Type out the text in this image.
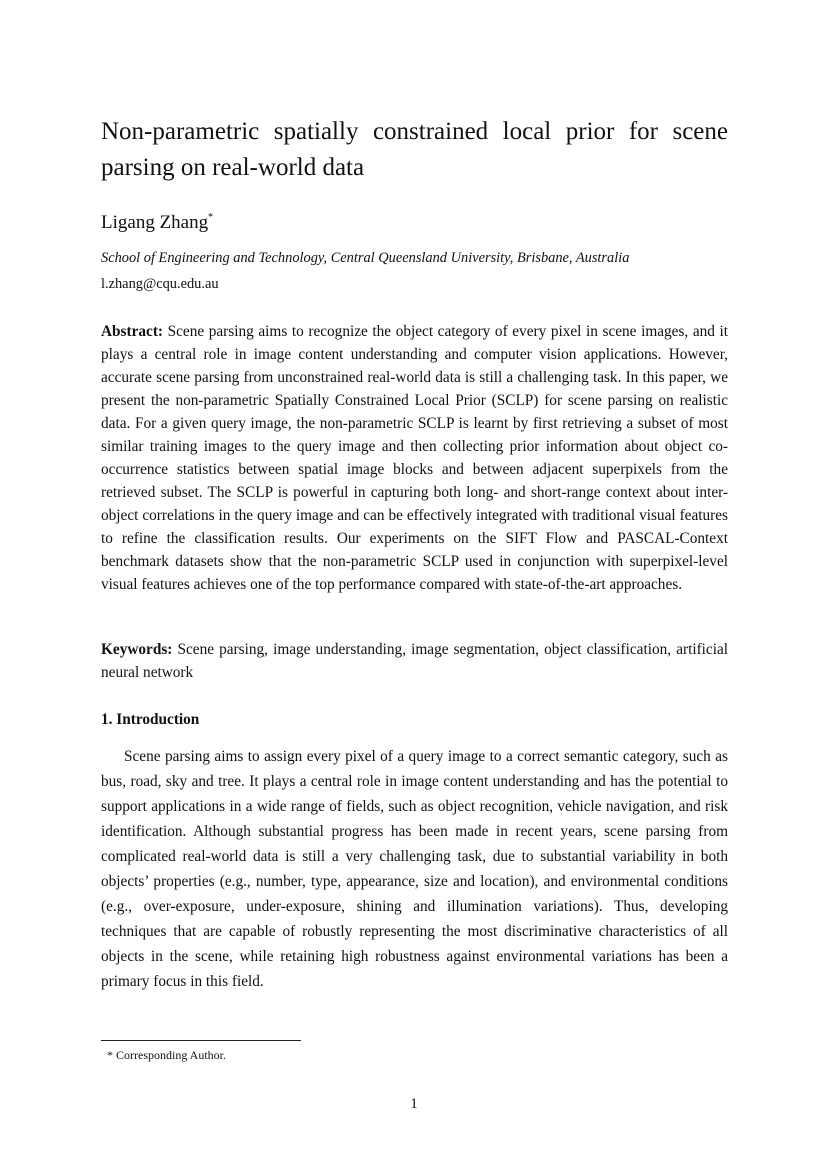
Non-parametric spatially constrained local prior for scene parsing on real-world data
Ligang Zhang*
School of Engineering and Technology, Central Queensland University, Brisbane, Australia
l.zhang@cqu.edu.au

Abstract: Scene parsing aims to recognize the object category of every pixel in scene images, and it plays a central role in image content understanding and computer vision applications. However, accurate scene parsing from unconstrained real-world data is still a challenging task. In this paper, we present the non-parametric Spatially Constrained Local Prior (SCLP) for scene parsing on realistic data. For a given query image, the non-parametric SCLP is learnt by first retrieving a subset of most similar training images to the query image and then collecting prior information about object co-occurrence statistics between spatial image blocks and between adjacent superpixels from the retrieved subset. The SCLP is powerful in capturing both long- and short-range context about inter-object correlations in the query image and can be effectively integrated with traditional visual features to refine the classification results. Our experiments on the SIFT Flow and PASCAL-Context benchmark datasets show that the non-parametric SCLP used in conjunction with superpixel-level visual features achieves one of the top performance compared with state-of-the-art approaches.

Keywords: Scene parsing, image understanding, image segmentation, object classification, artificial neural network

1. Introduction

Scene parsing aims to assign every pixel of a query image to a correct semantic category, such as bus, road, sky and tree. It plays a central role in image content understanding and has the potential to support applications in a wide range of fields, such as object recognition, vehicle navigation, and risk identification. Although substantial progress has been made in recent years, scene parsing from complicated real-world data is still a very challenging task, due to substantial variability in both objects’ properties (e.g., number, type, appearance, size and location), and environmental conditions (e.g., over-exposure, under-exposure, shining and illumination variations). Thus, developing techniques that are capable of robustly representing the most discriminative characteristics of all objects in the scene, while retaining high robustness against environmental variations has been a primary focus in this field.

* Corresponding Author.
1
